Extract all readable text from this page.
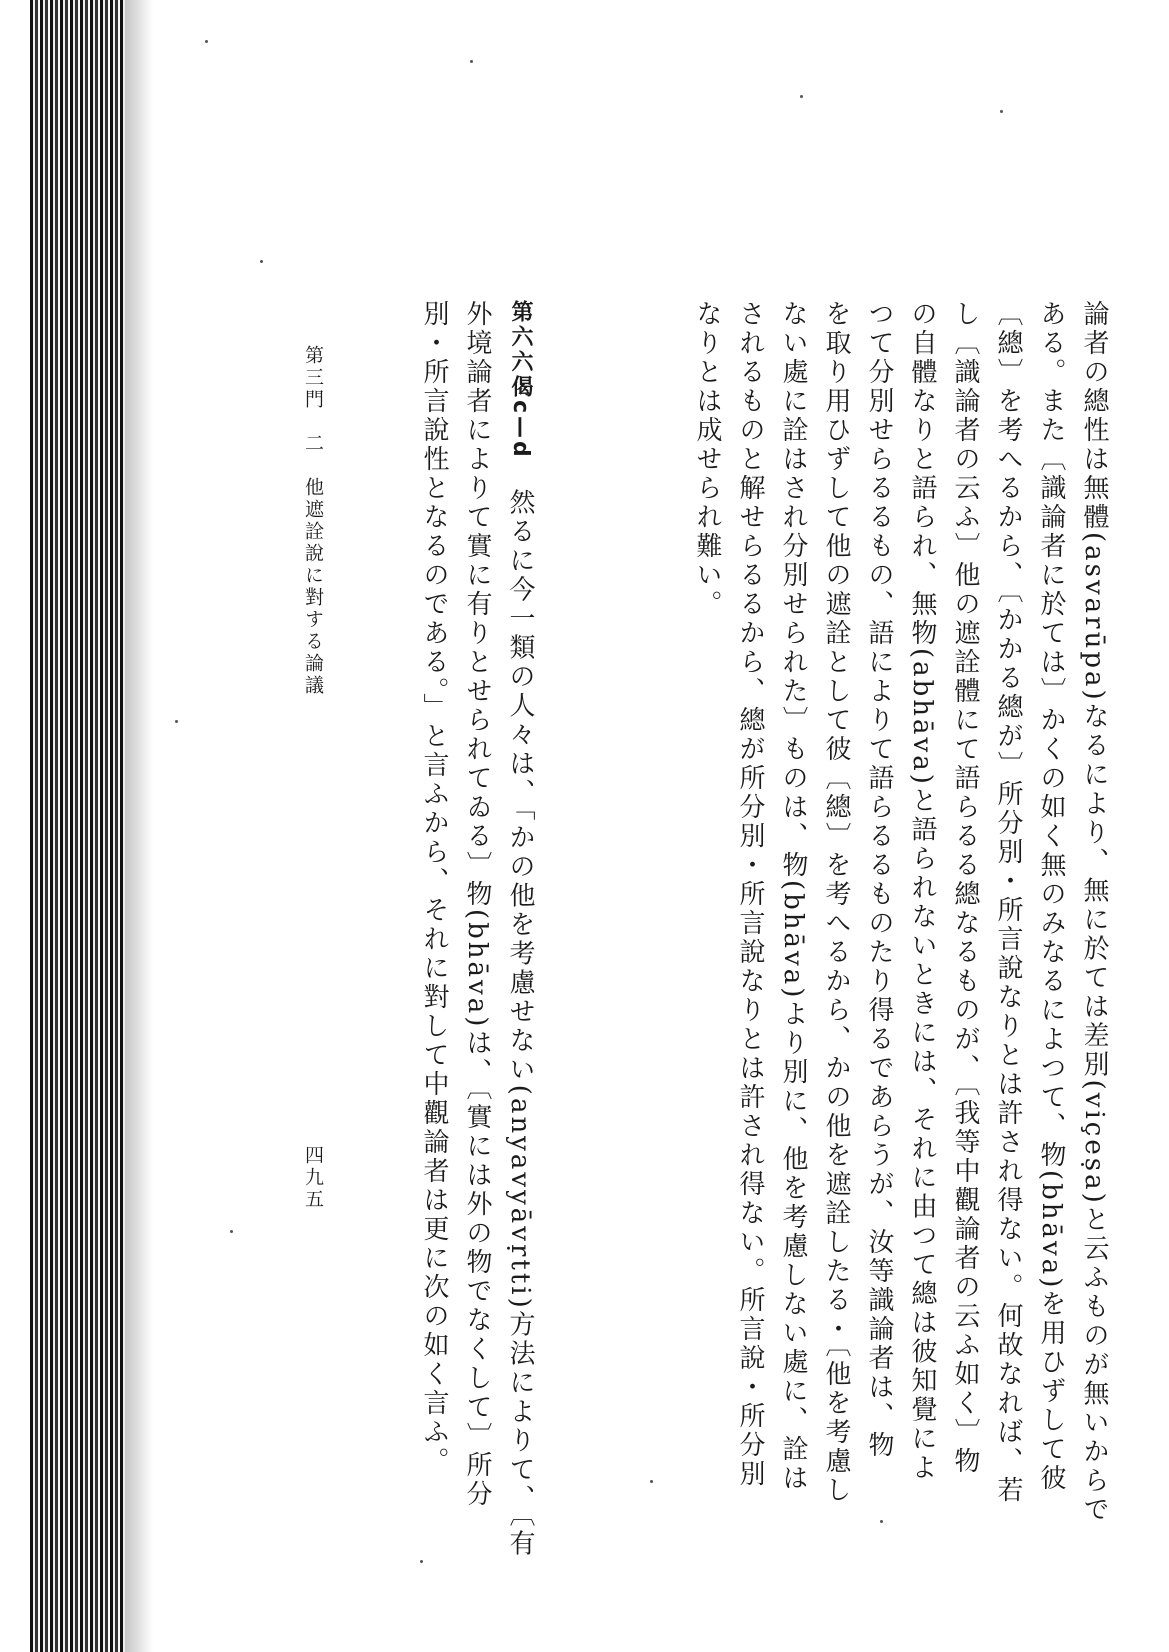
論者の總性は無體(asvarūpa)なるにより、無に於ては差別(viçeṣa)と云ふものが無いからで
ある。また〔識論者に於ては〕かくの如く無のみなるによつて、物(bhāva)を用ひずして彼
〔總〕を考へるから、〔かかる總が〕所分別・所言說なりとは許され得ない。何故なれば、若
し〔識論者の云ふ〕他の遮詮體にて語らるる總なるものが、〔我等中觀論者の云ふ如く〕物
の自體なりと語られ、無物(abhāva)と語られないときには、それに由つて總は彼知覺によ
つて分別せらるるもの、語によりて語らるるものたり得るであらうが、汝等識論者は、物
を取り用ひずして他の遮詮として彼〔總〕を考へるから、かの他を遮詮したる・〔他を考慮し
ない處に詮はされ分別せられた〕ものは、物(bhāva)より別に、他を考慮しない處に、詮は
されるものと解せらるるから、總が所分別・所言說なりとは許され得ない。所言說・所分別
なりとは成せられ難い。
第六六偈c—d　然るに今一類の人々は、「かの他を考慮せない(anyavyāvṛtti)方法によりて、〔有
外境論者によりて實に有りとせられてゐる〕物(bhāva)は、〔實には外の物でなくして〕所分
別・所言說性となるのである。」と言ふから、それに對して中觀論者は更に次の如く言ふ。
第三門　二　他遮詮說に對する論議
四九五
